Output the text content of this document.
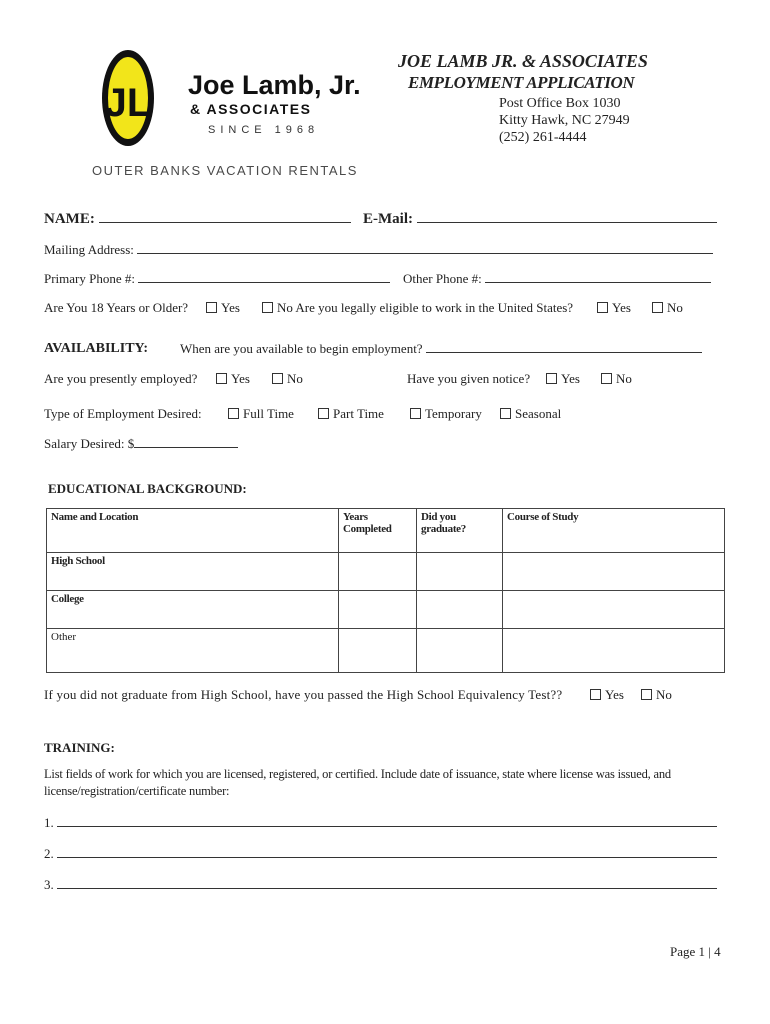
JL Joe Lamb, Jr.
& ASSOCIATES
SINCE 1968
OUTER BANKS VACATION RENTALS
JOE LAMB JR. & ASSOCIATES
EMPLOYMENT APPLICATION
Post Office Box 1030
Kitty Hawk, NC 27949
(252) 261-4444
NAME:	E-Mail:
Mailing Address:
Primary Phone #:	Other Phone #:
Are You 18 Years or Older?	Yes	No Are you legally eligible to work in the United States?	Yes	No
AVAILABILITY: When are you available to begin employment?
Are you presently employed?	Yes	No	Have you given notice?	Yes	No
Type of Employment Desired:	Full Time	Part Time	Temporary	Seasonal
Salary Desired: $
EDUCATIONAL BACKGROUND:
Name and Location	Years Completed	Did you graduate?	Course of Study
High School			
College			
Other			
If you did not graduate from High School, have you passed the High School Equivalency Test??	Yes	No
TRAINING:
List fields of work for which you are licensed, registered, or certified. Include date of issuance, state where license was issued, and license/registration/certificate number:
1.
2.
3.
Page 1 | 4
